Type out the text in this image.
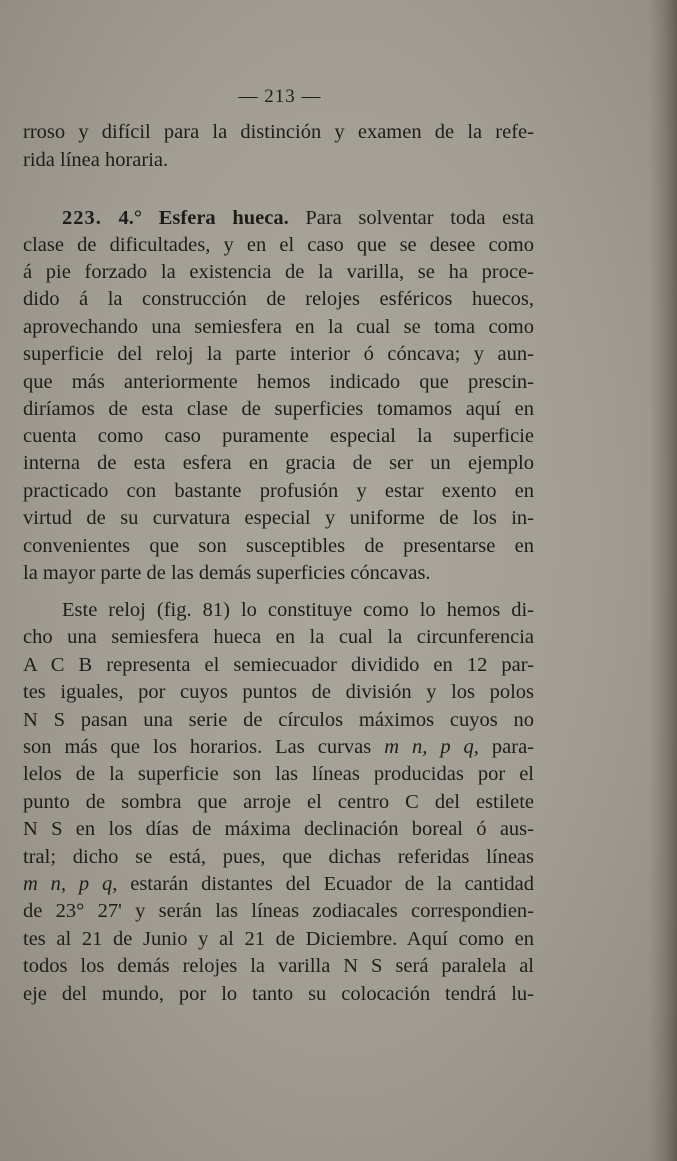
— 213 —
rroso y difícil para la distinción y examen de la refe-
rida línea horaria.
223. 4.° Esfera hueca. Para solventar toda esta
clase de dificultades, y en el caso que se desee como
á pie forzado la existencia de la varilla, se ha proce-
dido á la construcción de relojes esféricos huecos,
aprovechando una semiesfera en la cual se toma como
superficie del reloj la parte interior ó cóncava; y aun-
que más anteriormente hemos indicado que prescin-
diríamos de esta clase de superficies tomamos aquí en
cuenta como caso puramente especial la superficie
interna de esta esfera en gracia de ser un ejemplo
practicado con bastante profusión y estar exento en
virtud de su curvatura especial y uniforme de los in-
convenientes que son susceptibles de presentarse en
la mayor parte de las demás superficies cóncavas.
Este reloj (fig. 81) lo constituye como lo hemos di-
cho una semiesfera hueca en la cual la circunferencia
A C B representa el semiecuador dividido en 12 par-
tes iguales, por cuyos puntos de división y los polos
N S pasan una serie de círculos máximos cuyos no
son más que los horarios. Las curvas m n, p q, para-
lelos de la superficie son las líneas producidas por el
punto de sombra que arroje el centro C del estilete
N S en los días de máxima declinación boreal ó aus-
tral; dicho se está, pues, que dichas referidas líneas
m n, p q, estarán distantes del Ecuador de la cantidad
de 23° 27' y serán las líneas zodiacales correspondien-
tes al 21 de Junio y al 21 de Diciembre. Aquí como en
todos los demás relojes la varilla N S será paralela al
eje del mundo, por lo tanto su colocación tendrá lu-
